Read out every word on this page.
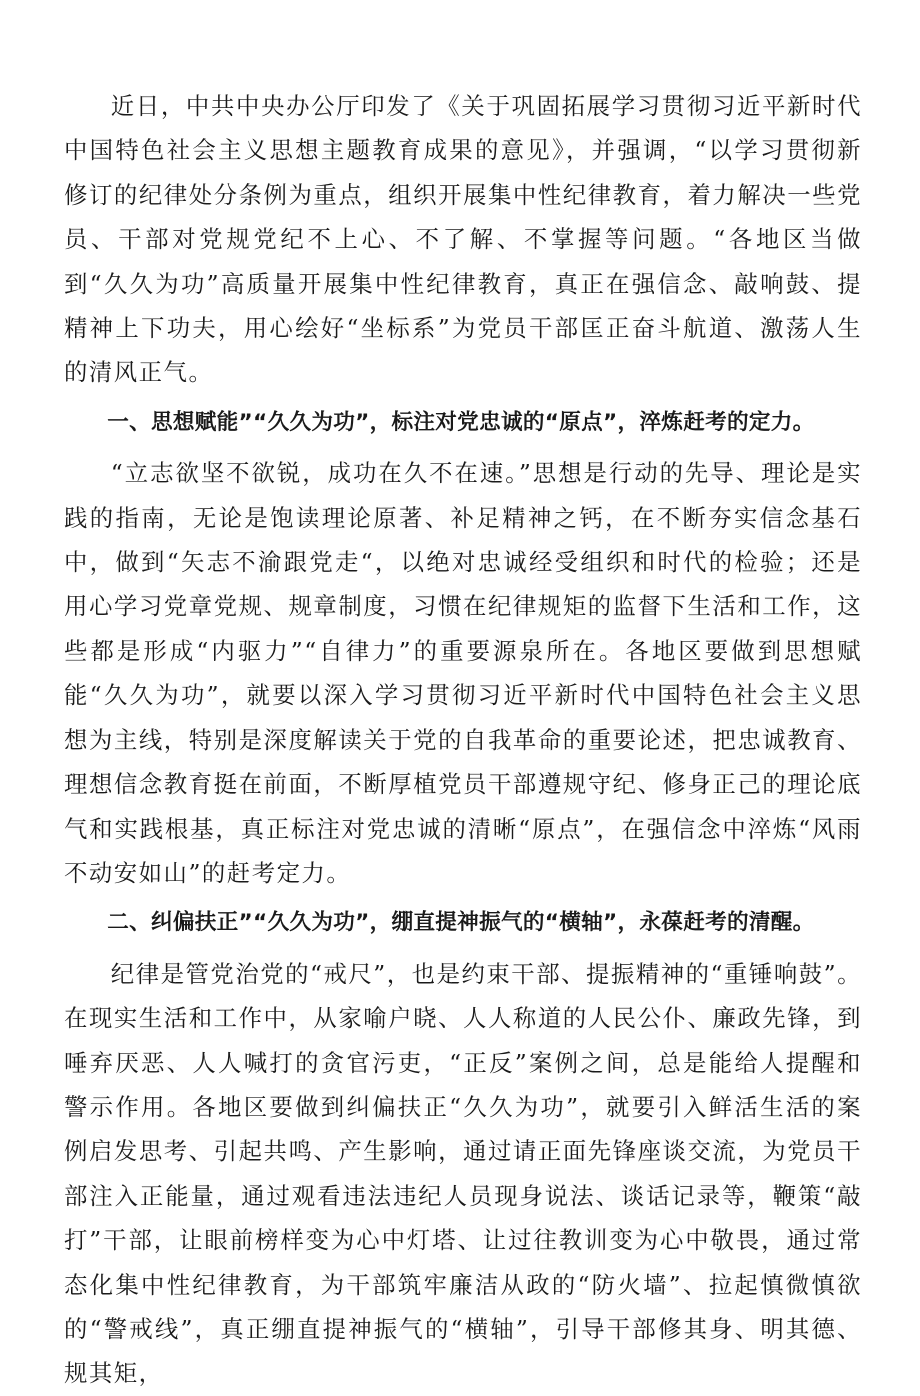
近日，中共中央办公厅印发了《关于巩固拓展学习贯彻习近平新时代中国特色社会主义思想主题教育成果的意见》，并强调，“以学习贯彻新修订的纪律处分条例为重点，组织开展集中性纪律教育，着力解决一些党员、干部对党规党纪不上心、不了解、不掌握等问题。“各地区当做到“久久为功”高质量开展集中性纪律教育，真正在强信念、敲响鼓、提精神上下功夫，用心绘好“坐标系”为党员干部匡正奋斗航道、激荡人生的清风正气。

一、思想赋能”“久久为功”，标注对党忠诚的“原点”，淬炼赶考的定力。

“立志欲坚不欲锐，成功在久不在速。”思想是行动的先导、理论是实践的指南，无论是饱读理论原著、补足精神之钙，在不断夯实信念基石中，做到“矢志不渝跟党走“，以绝对忠诚经受组织和时代的检验；还是用心学习党章党规、规章制度，习惯在纪律规矩的监督下生活和工作，这些都是形成“内驱力”“自律力”的重要源泉所在。各地区要做到思想赋能“久久为功”，就要以深入学习贯彻习近平新时代中国特色社会主义思想为主线，特别是深度解读关于党的自我革命的重要论述，把忠诚教育、理想信念教育挺在前面，不断厚植党员干部遵规守纪、修身正己的理论底气和实践根基，真正标注对党忠诚的清晰“原点”，在强信念中淬炼“风雨不动安如山”的赶考定力。

二、纠偏扶正”“久久为功”，绷直提神振气的“横轴”，永葆赶考的清醒。

纪律是管党治党的“戒尺”，也是约束干部、提振精神的“重锤响鼓”。在现实生活和工作中，从家喻户晓、人人称道的人民公仆、廉政先锋，到唾弃厌恶、人人喊打的贪官污吏，“正反”案例之间，总是能给人提醒和警示作用。各地区要做到纠偏扶正“久久为功”，就要引入鲜活生活的案例启发思考、引起共鸣、产生影响，通过请正面先锋座谈交流，为党员干部注入正能量，通过观看违法违纪人员现身说法、谈话记录等，鞭策“敲打”干部，让眼前榜样变为心中灯塔、让过往教训变为心中敬畏，通过常态化集中性纪律教育，为干部筑牢廉洁从政的“防火墙”、拉起慎微慎欲的“警戒线”，真正绷直提神振气的“横轴”，引导干部修其身、明其德、规其矩，
